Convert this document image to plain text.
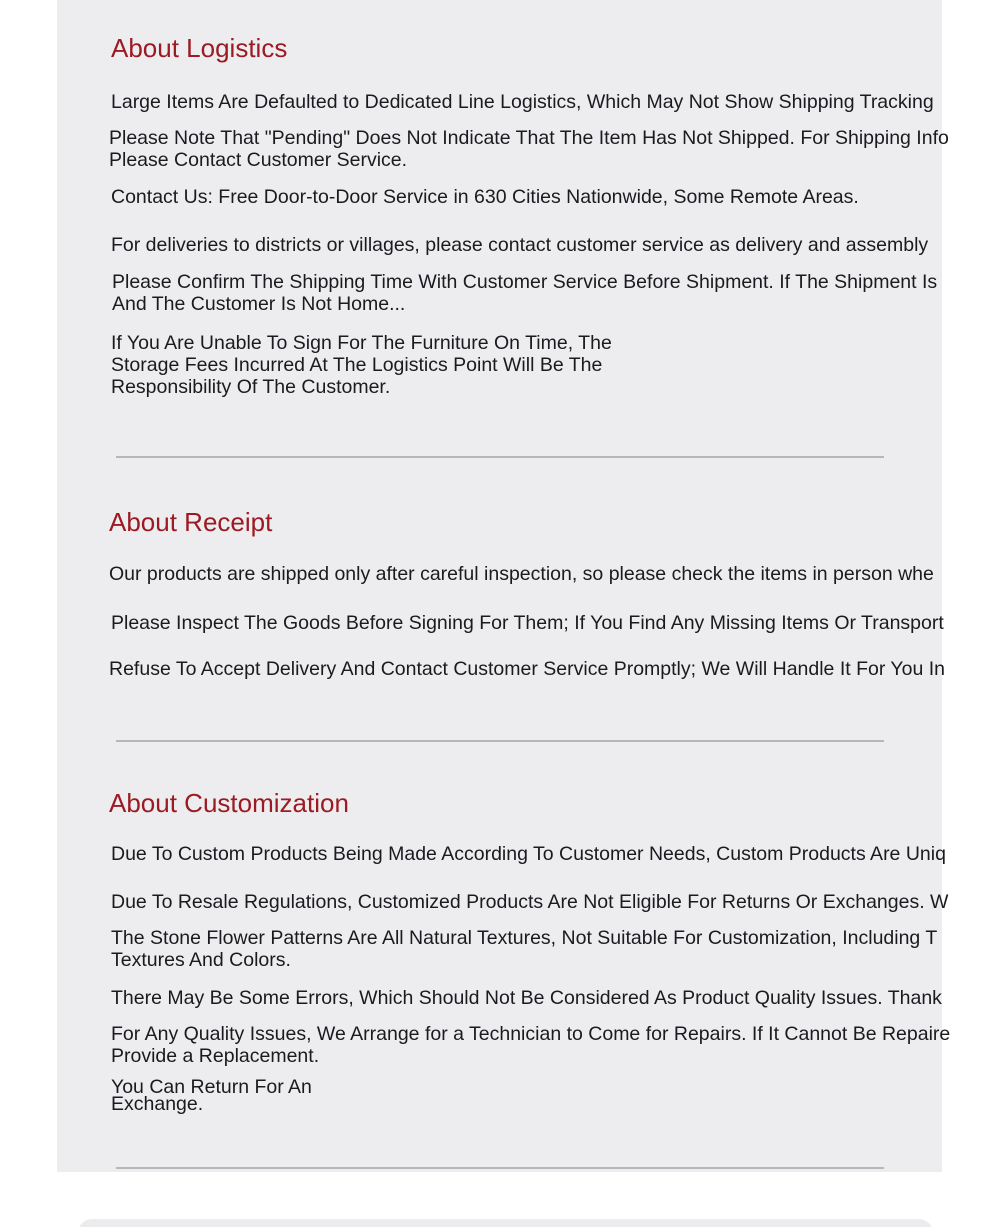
About Logistics

Large Items Are Defaulted to Dedicated Line Logistics, Which May Not Show Shipping Tracking

Please Note That "Pending" Does Not Indicate That The Item Has Not Shipped. For Shipping Info

Please Contact Customer Service.

Contact Us: Free Door-to-Door Service in 630 Cities Nationwide, Some Remote Areas.

For deliveries to districts or villages, please contact customer service as delivery and assembly

Please Confirm The Shipping Time With Customer Service Before Shipment. If The Shipment Is

And The Customer Is Not Home...

If You Are Unable To Sign For The Furniture On Time, The

Storage Fees Incurred At The Logistics Point Will Be The

Responsibility Of The Customer.

About Receipt

Our products are shipped only after careful inspection, so please check the items in person whe

Please Inspect The Goods Before Signing For Them; If You Find Any Missing Items Or Transport

Refuse To Accept Delivery And Contact Customer Service Promptly; We Will Handle It For You In

About Customization

Due To Custom Products Being Made According To Customer Needs, Custom Products Are Uniq

Due To Resale Regulations, Customized Products Are Not Eligible For Returns Or Exchanges. W

The Stone Flower Patterns Are All Natural Textures, Not Suitable For Customization, Including T

Textures And Colors.

There May Be Some Errors, Which Should Not Be Considered As Product Quality Issues. Thank

For Any Quality Issues, We Arrange for a Technician to Come for Repairs. If It Cannot Be Repaire

Provide a Replacement.

You Can Return For An

Exchange.
